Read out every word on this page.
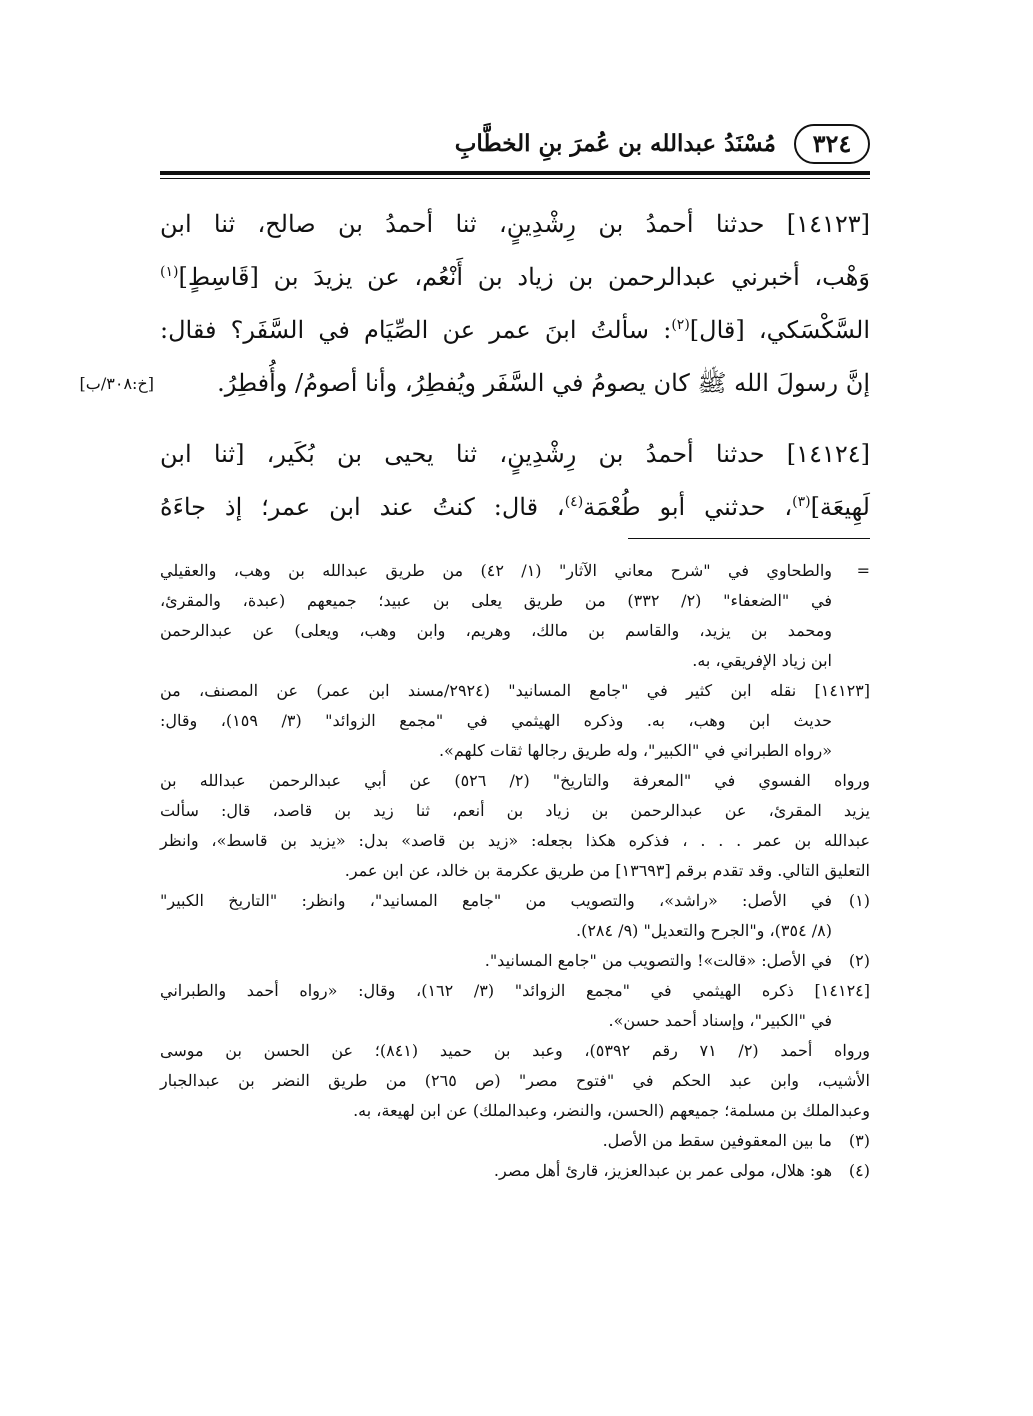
٣٢٤
مُسْنَدُ عبدالله بن عُمرَ بنِ الخطَّابِ
[١٤١٢٣] حدثنا أحمدُ بن رِشْدِينٍ، ثنا أحمدُ بن صالح، ثنا ابن
وَهْب، أخبرني عبدالرحمن بن زياد بن أَنْعُم، عن يزيدَ بن [قَاسِطٍ]$^{(١)}$
السَّكْسَكي، [قال]$^{(٢)}$: سألتُ ابنَ عمر عن الصِّيَام في السَّفَر؟ فقال:
إنَّ رسولَ الله ﷺ كان يصومُ في السَّفَر ويُفطِرُ، وأنا أصومُ/ وأُفطِرُ.
[خ:٣٠٨/ب]
[١٤١٢٤] حدثنا أحمدُ بن رِشْدِينٍ، ثنا يحيى بن بُكَير، [ثنا ابن
لَهِيعَة]$^{(٣)}$، حدثني أبو طُعْمَة$^{(٤)}$، قال: كنتُ عند ابن عمر؛ إذ جاءَهُ
=والطحاوي في "شرح معاني الآثار" (١/ ٤٢) من طريق عبدالله بن وهب، والعقيلي
في "الضعفاء" (٢/ ٣٣٢) من طريق يعلى بن عبيد؛ جميعهم (عبدة، والمقرئ،
ومحمد بن يزيد، والقاسم بن مالك، وهريم، وابن وهب، ويعلى) عن عبدالرحمن
ابن زياد الإفريقي، به.
[١٤١٢٣] نقله ابن كثير في "جامع المسانيد" (٢٩٢٤/مسند ابن عمر) عن المصنف، من
حديث ابن وهب، به. وذكره الهيثمي في "مجمع الزوائد" (٣/ ١٥٩)، وقال:
«رواه الطبراني في "الكبير"، وله طريق رجالها ثقات كلهم».
ورواه الفسوي في "المعرفة والتاريخ" (٢/ ٥٢٦) عن أبي عبدالرحمن عبدالله بن
يزيد المقرئ، عن عبدالرحمن بن زياد بن أنعم، ثنا زيد بن قاصد، قال: سألت
عبدالله بن عمر . . . ، فذكره هكذا بجعله: «زيد بن قاصد» بدل: «يزيد بن قاسط»، وانظر
التعليق التالي. وقد تقدم برقم [١٣٦٩٣] من طريق عكرمة بن خالد، عن ابن عمر.
(١)في الأصل: «راشد»، والتصويب من "جامع المسانيد"، وانظر: "التاريخ الكبير"
(٨/ ٣٥٤)، و"الجرح والتعديل" (٩/ ٢٨٤).
(٢)في الأصل: «قالت»! والتصويب من "جامع المسانيد".
[١٤١٢٤] ذكره الهيثمي في "مجمع الزوائد" (٣/ ١٦٢)، وقال: «رواه أحمد والطبراني
في "الكبير"، وإسناد أحمد حسن».
ورواه أحمد (٢/ ٧١ رقم ٥٣٩٢)، وعبد بن حميد (٨٤١)؛ عن الحسن بن موسى
الأشيب، وابن عبد الحكم في "فتوح مصر" (ص ٢٦٥) من طريق النضر بن عبدالجبار
وعبدالملك بن مسلمة؛ جميعهم (الحسن، والنضر، وعبدالملك) عن ابن لهيعة، به.
(٣)ما بين المعقوفين سقط من الأصل.
(٤)هو: هلال، مولى عمر بن عبدالعزيز، قارئ أهل مصر.
